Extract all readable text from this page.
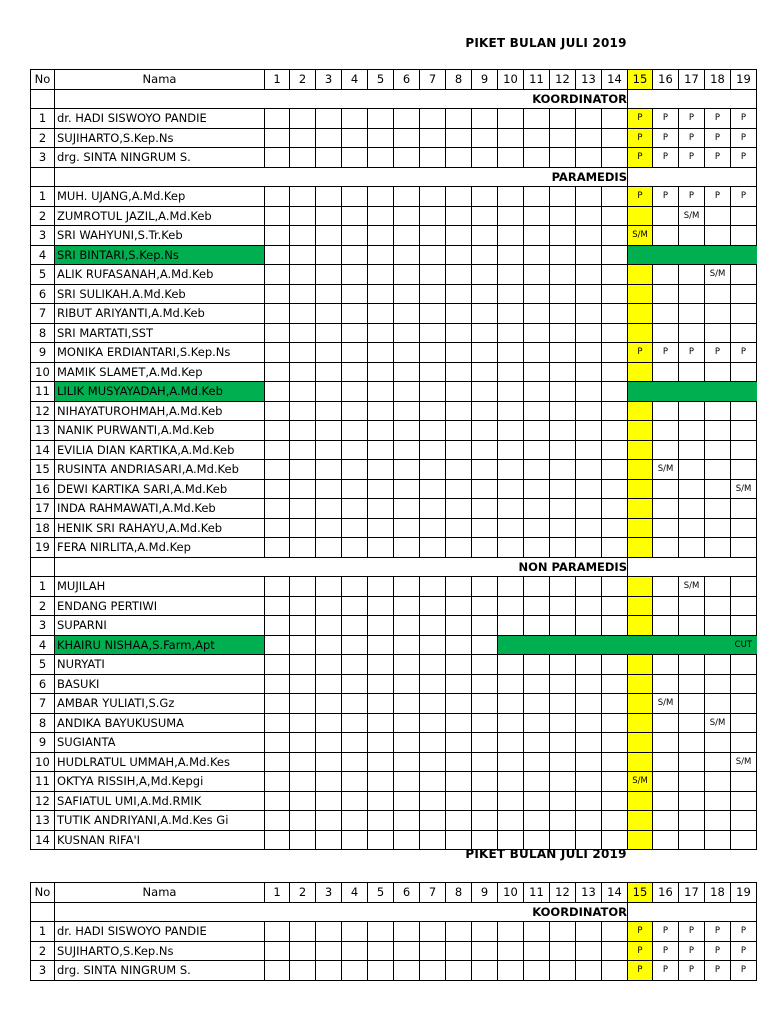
PIKET BULAN JULI 2019
No	Nama	1	2	3	4	5	6	7	8	9	10	11	12	13	14	15	16	17	18	19
		KOORDINATOR																		
1	dr. HADI SISWOYO PANDIE															P	P	P	P	P
2	SUJIHARTO,S.Kep.Ns															P	P	P	P	P
3	drg. SINTA NINGRUM S.															P	P	P	P	P
		PARAMEDIS																		
1	MUH. UJANG,A.Md.Kep															P	P	P	P	P
2	ZUMROTUL JAZIL,A.Md.Keb																	S/M		
3	SRI WAHYUNI,S.Tr.Keb															S/M				
4	SRI BINTARI,S.Kep.Ns																			
5	ALIK RUFASANAH,A.Md.Keb																		S/M	
6	SRI SULIKAH.A.Md.Keb																			
7	RIBUT ARIYANTI,A.Md.Keb																			
8	SRI MARTATI,SST																			
9	MONIKA ERDIANTARI,S.Kep.Ns															P	P	P	P	P
10	MAMIK SLAMET,A.Md.Kep																			
11	LILIK MUSYAYADAH,A.Md.Keb																			
12	NIHAYATUROHMAH,A.Md.Keb																			
13	NANIK PURWANTI,A.Md.Keb																			
14	EVILIA DIAN KARTIKA,A.Md.Keb																			
15	RUSINTA ANDRIASARI,A.Md.Keb																S/M			
16	DEWI KARTIKA SARI,A.Md.Keb																			S/M
17	INDA RAHMAWATI,A.Md.Keb																			
18	HENIK SRI RAHAYU,A.Md.Keb																			
19	FERA NIRLITA,A.Md.Kep																			
		NON PARAMEDIS																		
1	MUJILAH																	S/M		
2	ENDANG PERTIWI																			
3	SUPARNI																			
4	KHAIRU NISHAA,S.Farm,Apt																			CUT
5	NURYATI																			
6	BASUKI																			
7	AMBAR YULIATI,S.Gz																S/M			
8	ANDIKA BAYUKUSUMA																		S/M	
9	SUGIANTA																			
10	HUDLRATUL UMMAH,A.Md.Kes																			S/M
11	OKTYA RISSIH,A,Md.Kepgi															S/M				
12	SAFIATUL UMI,A.Md.RMIK																			
13	TUTIK ANDRIYANI,A.Md.Kes Gi																			
14	KUSNAN RIFA'I																			
PIKET BULAN JULI 2019
No	Nama	1	2	3	4	5	6	7	8	9	10	11	12	13	14	15	16	17	18	19
		KOORDINATOR																		
1	dr. HADI SISWOYO PANDIE															P	P	P	P	P
2	SUJIHARTO,S.Kep.Ns															P	P	P	P	P
3	drg. SINTA NINGRUM S.															P	P	P	P	P
